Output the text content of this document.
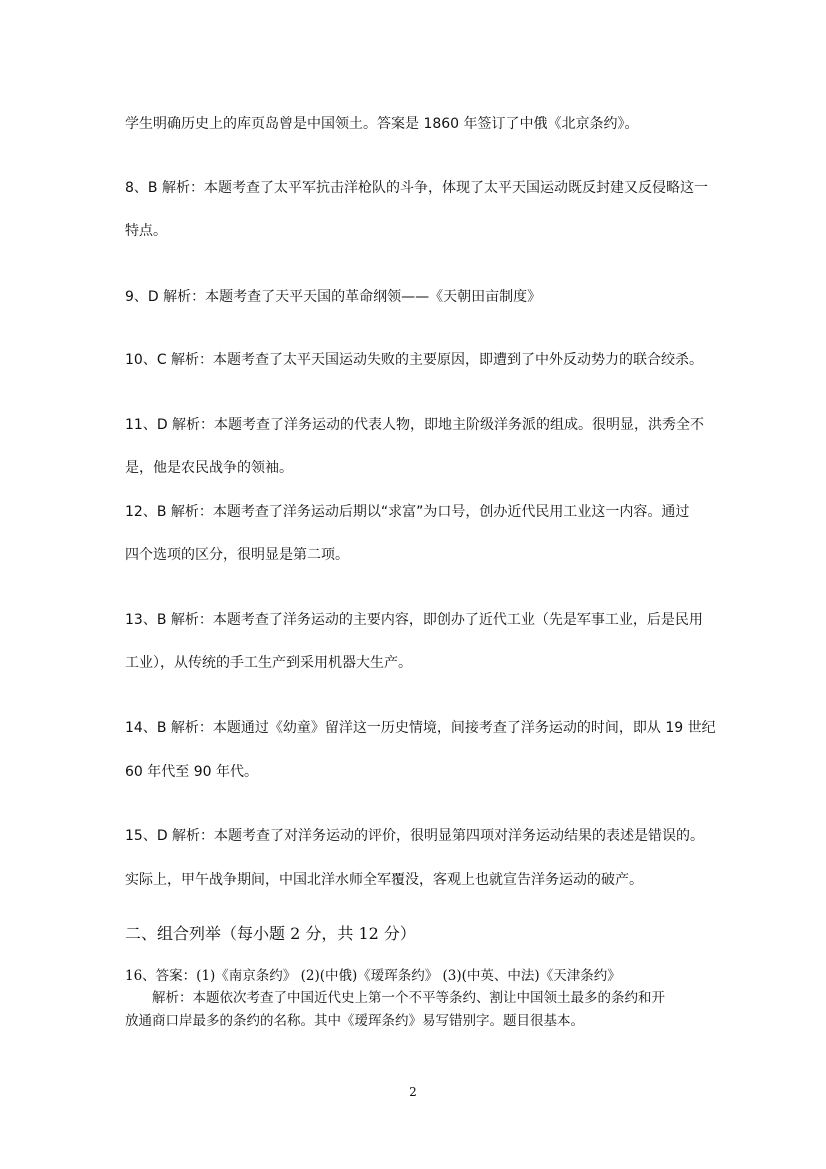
学生明确历史上的库页岛曾是中国领土。答案是 1860 年签订了中俄《北京条约》。
8、B 解析：本题考查了太平军抗击洋枪队的斗争，体现了太平天国运动既反封建又反侵略这一
特点。
9、D 解析：本题考查了天平天国的革命纲领——《天朝田亩制度》
10、C 解析：本题考查了太平天国运动失败的主要原因，即遭到了中外反动势力的联合绞杀。
11、D 解析：本题考查了洋务运动的代表人物，即地主阶级洋务派的组成。很明显，洪秀全不
是，他是农民战争的领袖。
12、B 解析：本题考查了洋务运动后期以“求富”为口号，创办近代民用工业这一内容。通过
四个选项的区分，很明显是第二项。
13、B 解析：本题考查了洋务运动的主要内容，即创办了近代工业（先是军事工业，后是民用
工业），从传统的手工生产到采用机器大生产。
14、B 解析：本题通过《幼童》留洋这一历史情境，间接考查了洋务运动的时间，即从 19 世纪
60 年代至 90 年代。
15、D 解析：本题考查了对洋务运动的评价，很明显第四项对洋务运动结果的表述是错误的。
实际上，甲午战争期间，中国北洋水师全军覆没，客观上也就宣告洋务运动的破产。
二、组合列举（每小题 2 分，共 12 分）
16、答案：(1)《南京条约》 (2)(中俄)《瑷珲条约》 (3)(中英、中法)《天津条约》
解析：本题依次考查了中国近代史上第一个不平等条约、割让中国领土最多的条约和开
放通商口岸最多的条约的名称。其中《瑷珲条约》易写错别字。题目很基本。
2
